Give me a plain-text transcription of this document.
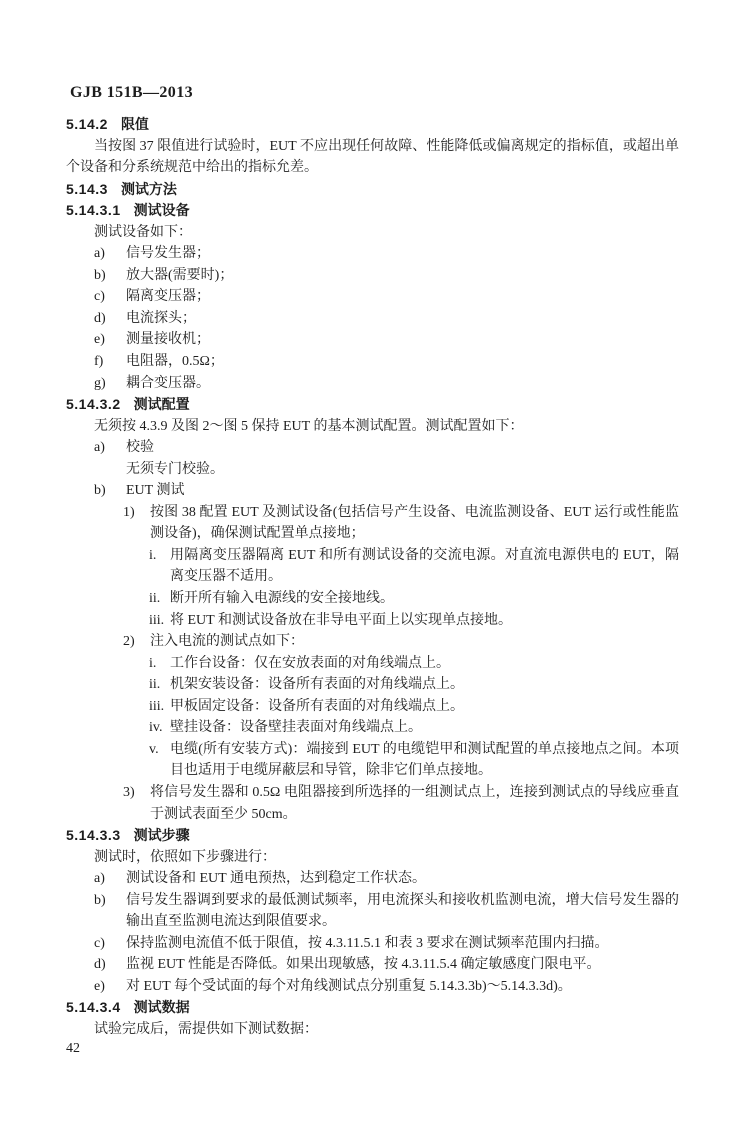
GJB 151B—2013
5.14.2 限值
当按图 37 限值进行试验时，EUT 不应出现任何故障、性能降低或偏离规定的指标值，或超出单个设备和分系统规范中给出的指标允差。
5.14.3 测试方法
5.14.3.1 测试设备
测试设备如下：
a)	信号发生器；
b)	放大器(需要时)；
c)	隔离变压器；
d)	电流探头；
e)	测量接收机；
f)	电阻器，0.5Ω；
g)	耦合变压器。
5.14.3.2 测试配置
无须按 4.3.9 及图 2～图 5 保持 EUT 的基本测试配置。测试配置如下：
a)	校验
无须专门校验。
b)	EUT 测试
1)	按图 38 配置 EUT 及测试设备(包括信号产生设备、电流监测设备、EUT 运行或性能监测设备)，确保测试配置单点接地；
i. 用隔离变压器隔离 EUT 和所有测试设备的交流电源。对直流电源供电的 EUT，隔离变压器不适用。
ii. 断开所有输入电源线的安全接地线。
iii. 将 EUT 和测试设备放在非导电平面上以实现单点接地。
2)	注入电流的测试点如下：
i. 工作台设备：仅在安放表面的对角线端点上。
ii. 机架安装设备：设备所有表面的对角线端点上。
iii. 甲板固定设备：设备所有表面的对角线端点上。
iv. 壁挂设备：设备壁挂表面对角线端点上。
v. 电缆(所有安装方式)：端接到 EUT 的电缆铠甲和测试配置的单点接地点之间。本项目也适用于电缆屏蔽层和导管，除非它们单点接地。
3)	将信号发生器和 0.5Ω 电阻器接到所选择的一组测试点上，连接到测试点的导线应垂直于测试表面至少 50cm。
5.14.3.3 测试步骤
测试时，依照如下步骤进行：
a)	测试设备和 EUT 通电预热，达到稳定工作状态。
b)	信号发生器调到要求的最低测试频率，用电流探头和接收机监测电流，增大信号发生器的输出直至监测电流达到限值要求。
c)	保持监测电流值不低于限值，按 4.3.11.5.1 和表 3 要求在测试频率范围内扫描。
d)	监视 EUT 性能是否降低。如果出现敏感，按 4.3.11.5.4 确定敏感度门限电平。
e)	对 EUT 每个受试面的每个对角线测试点分别重复 5.14.3.3b)～5.14.3.3d)。
5.14.3.4 测试数据
试验完成后，需提供如下测试数据：
42
